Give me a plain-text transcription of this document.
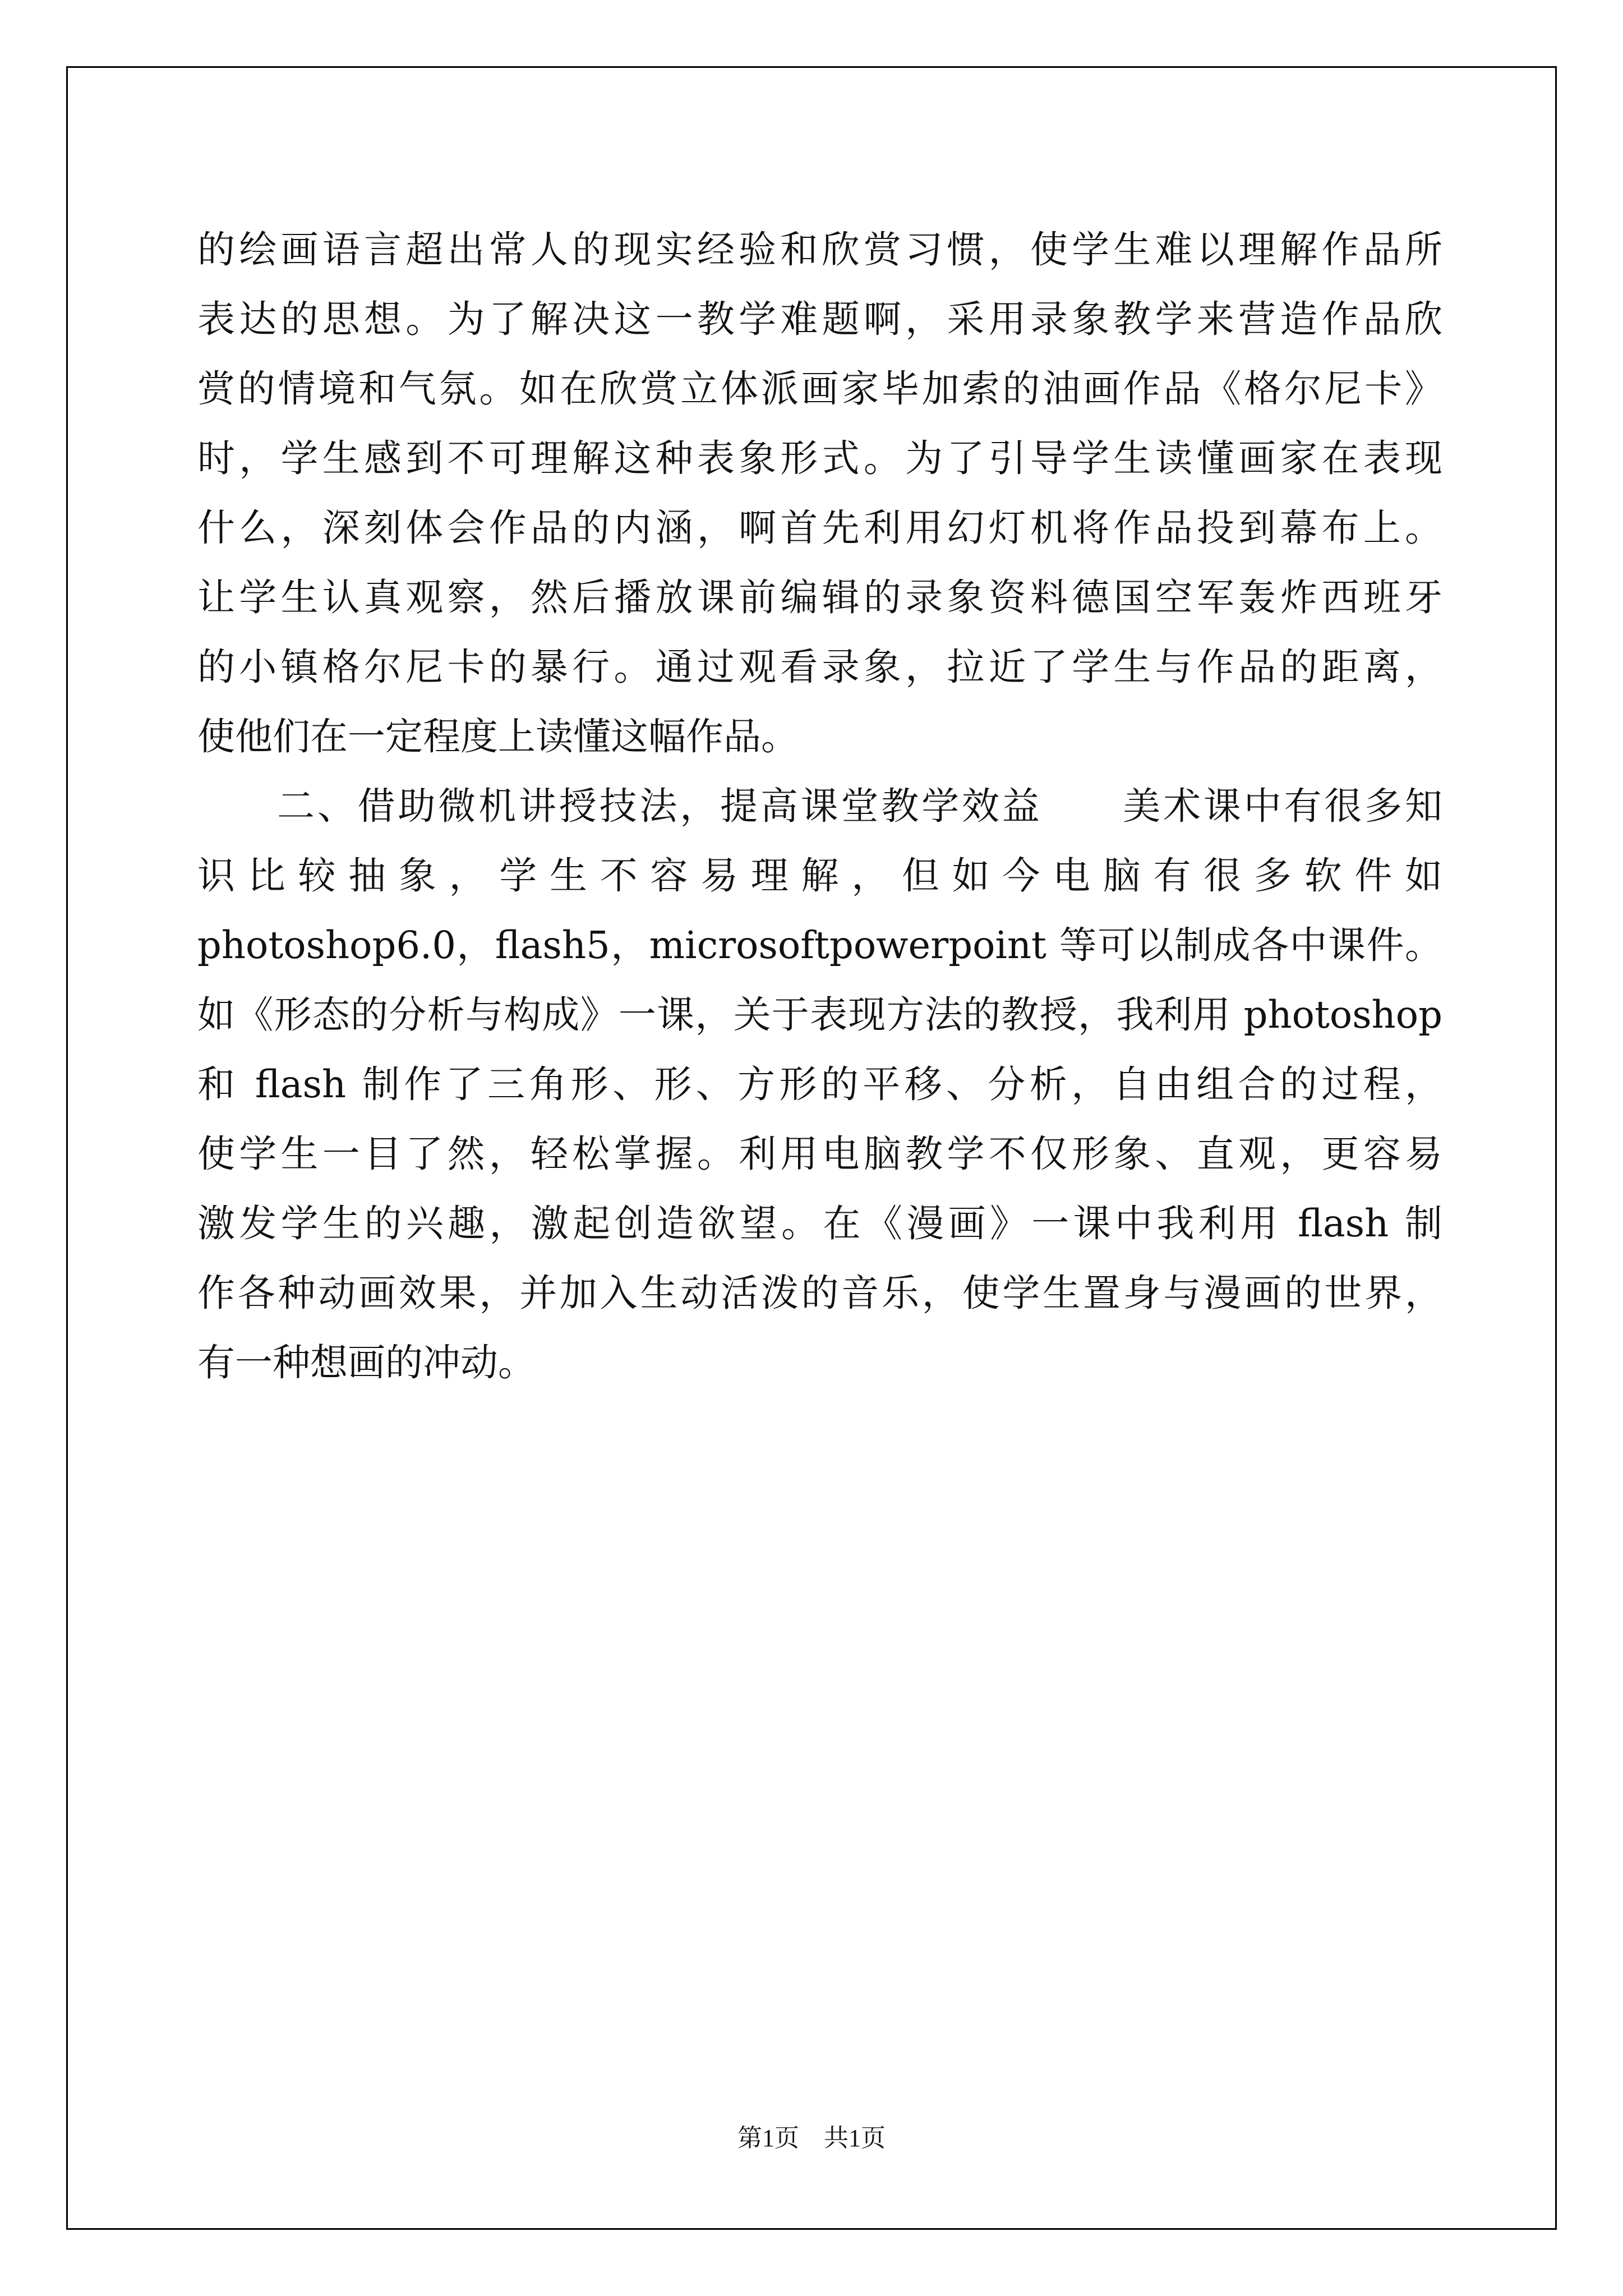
的绘画语言超出常人的现实经验和欣赏习惯，使学生难以理解作品所
表达的思想。为了解决这一教学难题啊，采用录象教学来营造作品欣
赏的情境和气氛。如在欣赏立体派画家毕加索的油画作品《格尔尼卡》
时，学生感到不可理解这种表象形式。为了引导学生读懂画家在表现
什么，深刻体会作品的内涵，啊首先利用幻灯机将作品投到幕布上。
让学生认真观察，然后播放课前编辑的录象资料德国空军轰炸西班牙
的小镇格尔尼卡的暴行。通过观看录象，拉近了学生与作品的距离，
使他们在一定程度上读懂这幅作品。
二、借助微机讲授技法，提高课堂教学效益　　美术课中有很多知
识比较抽象，学生不容易理解，但如今电脑有很多软件如
photoshop6.0，flash5，microsoftpowerpoint 等可以制成各中课件。
如《形态的分析与构成》一课，关于表现方法的教授，我利用 photoshop
和 flash 制作了三角形、形、方形的平移、分析，自由组合的过程，
使学生一目了然，轻松掌握。利用电脑教学不仅形象、直观，更容易
激发学生的兴趣，激起创造欲望。在《漫画》一课中我利用 flash 制
作各种动画效果，并加入生动活泼的音乐，使学生置身与漫画的世界，
有一种想画的冲动。
第1页　共1页
